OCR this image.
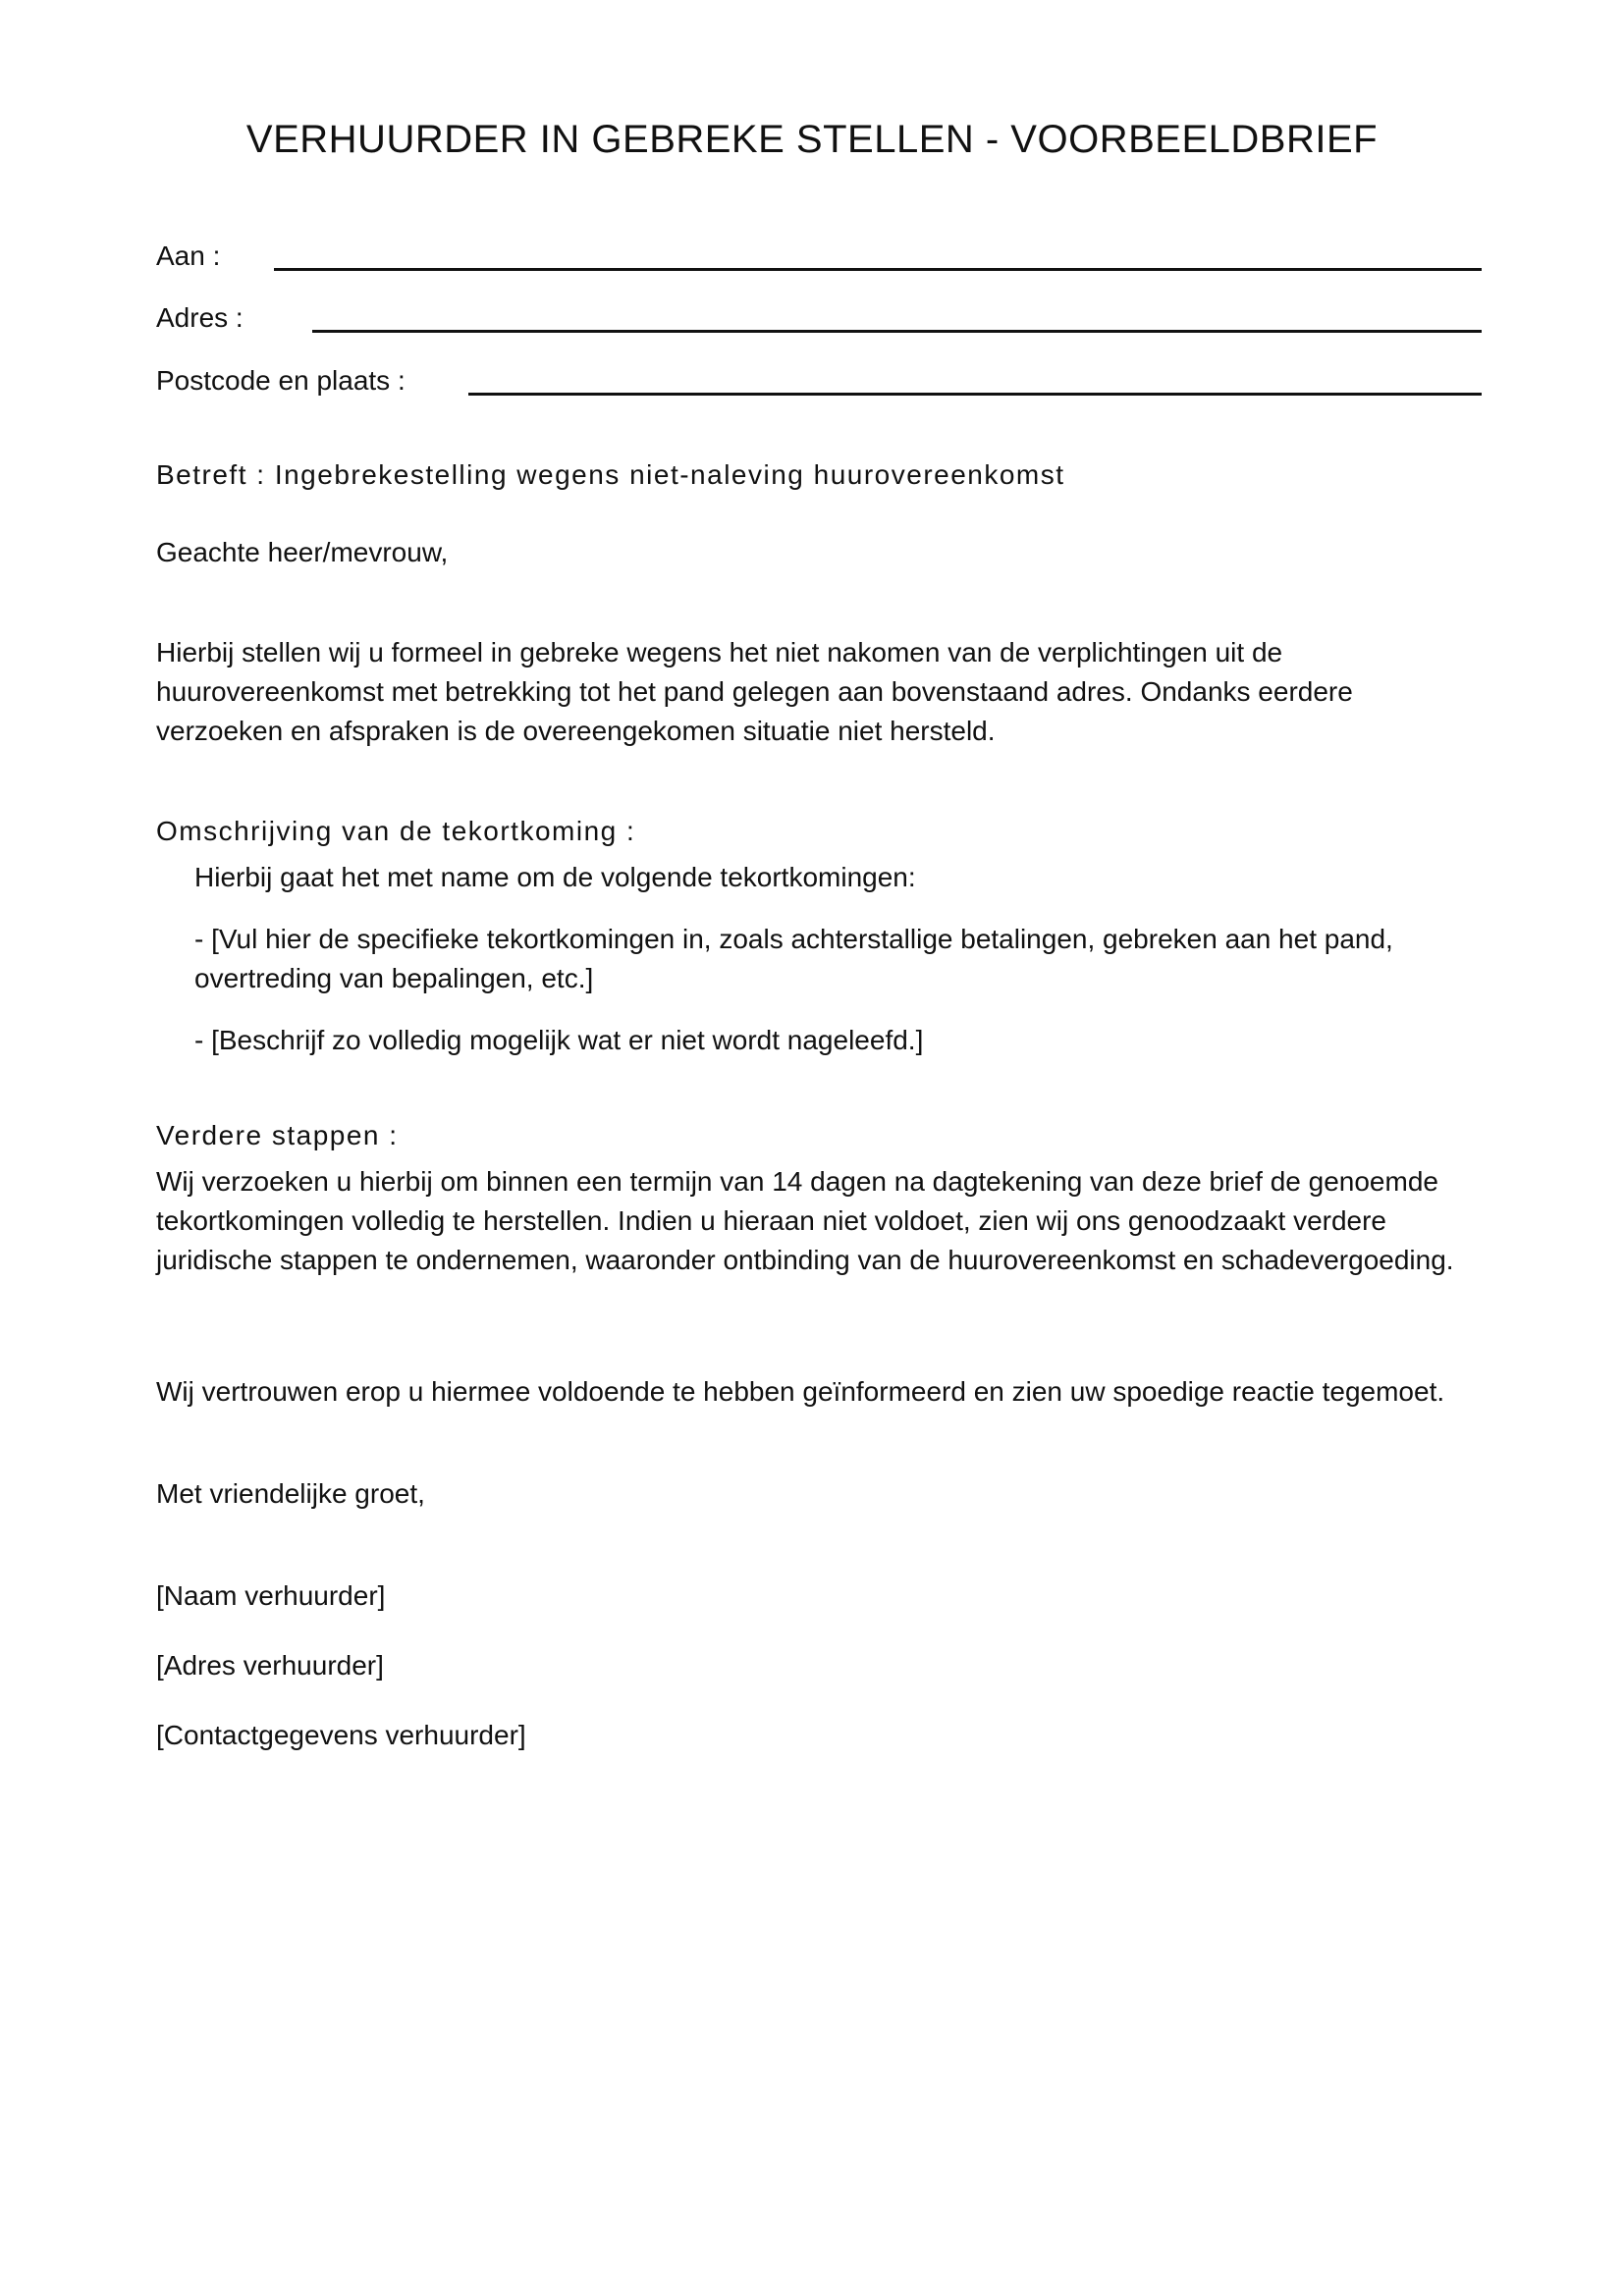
VERHUURDER IN GEBREKE STELLEN - VOORBEELDBRIEF
Aan :
Adres :
Postcode en plaats :
Betreft : Ingebrekestelling wegens niet-naleving huurovereenkomst
Geachte heer/mevrouw,
Hierbij stellen wij u formeel in gebreke wegens het niet nakomen van de verplichtingen uit de
huurovereenkomst met betrekking tot het pand gelegen aan bovenstaand adres. Ondanks eerdere
verzoeken en afspraken is de overeengekomen situatie niet hersteld.
Omschrijving van de tekortkoming :
Hierbij gaat het met name om de volgende tekortkomingen:
- [Vul hier de specifieke tekortkomingen in, zoals achterstallige betalingen, gebreken aan het pand,
overtreding van bepalingen, etc.]
- [Beschrijf zo volledig mogelijk wat er niet wordt nageleefd.]
Verdere stappen :
Wij verzoeken u hierbij om binnen een termijn van 14 dagen na dagtekening van deze brief de genoemde
tekortkomingen volledig te herstellen. Indien u hieraan niet voldoet, zien wij ons genoodzaakt verdere
juridische stappen te ondernemen, waaronder ontbinding van de huurovereenkomst en schadevergoeding.
Wij vertrouwen erop u hiermee voldoende te hebben geïnformeerd en zien uw spoedige reactie tegemoet.
Met vriendelijke groet,
[Naam verhuurder]
[Adres verhuurder]
[Contactgegevens verhuurder]
